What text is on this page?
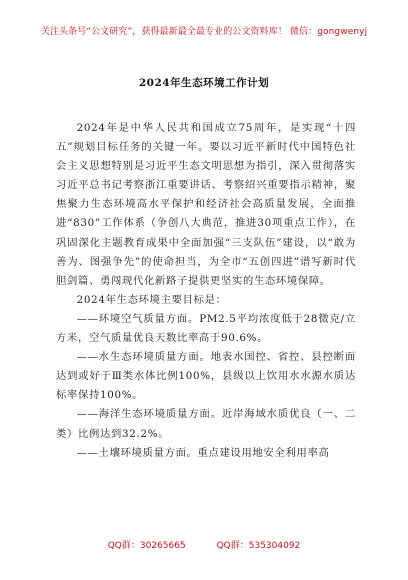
关注头条号“公文研究”，获得最新最全最专业的公文资料库！ 微信：gongwenyj
2024年生态环境工作计划

2024年是中华人民共和国成立75周年，是实现“十四五”规划目标任务的关键一年。要以习近平新时代中国特色社会主义思想特别是习近平生态文明思想为指引，深入贯彻落实习近平总书记考察浙江重要讲话、考察绍兴重要指示精神，聚焦聚力生态环境高水平保护和经济社会高质量发展，全面推进“830”工作体系（争创八大典范，推进30项重点工作），在巩固深化主题教育成果中全面加强“三支队伍”建设，以“敢为善为、图强争先”的使命担当，为全市“五创四进”谱写新时代胆剑篇、勇闯现代化新路子提供更坚实的生态环境保障。

2024年生态环境主要目标是：

——环境空气质量方面。PM2.5平均浓度低于28微克/立方米，空气质量优良天数比率高于90.6%。

——水生态环境质量方面。地表水国控、省控、县控断面达到或好于Ⅲ类水体比例100%，县级以上饮用水水源水质达标率保持100%。

——海洋生态环境质量方面。近岸海域水质优良（一、二类）比例达到32.2%。

——土壤环境质量方面。重点建设用地安全利用率高

QQ群：30265665	QQ群：535304092
